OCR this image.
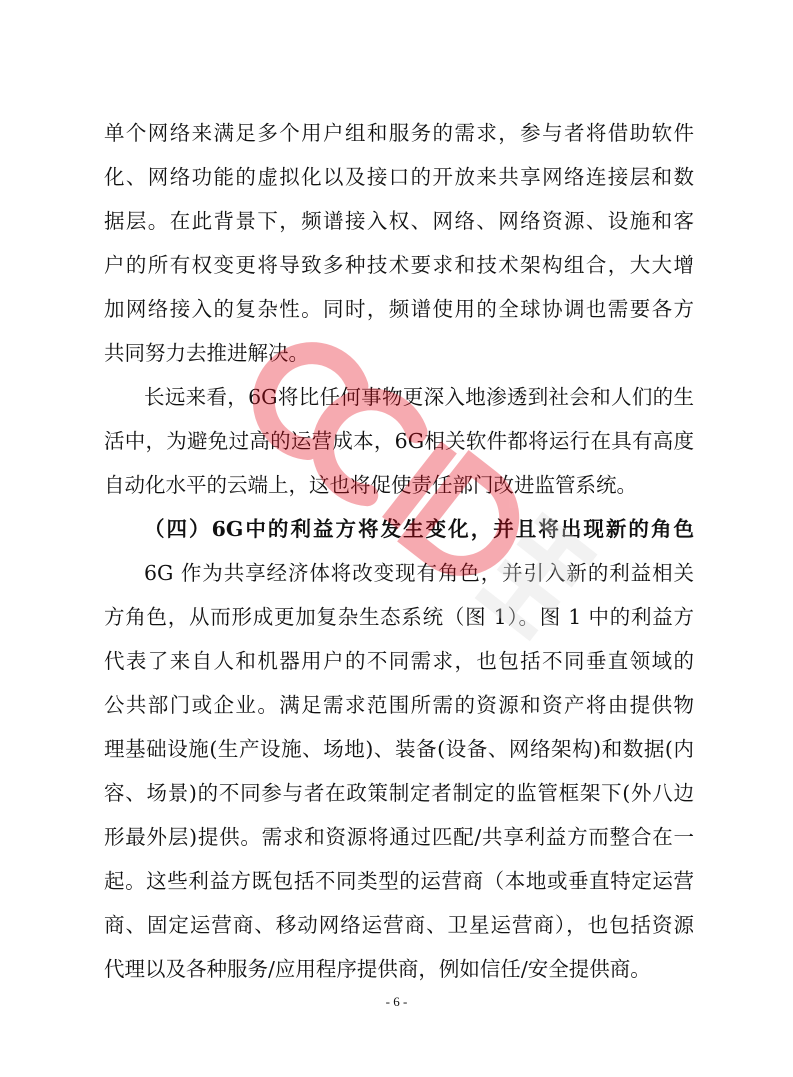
单个网络来满足多个用户组和服务的需求，参与者将借助软件
化、网络功能的虚拟化以及接口的开放来共享网络连接层和数
据层。在此背景下，频谱接入权、网络、网络资源、设施和客
户的所有权变更将导致多种技术要求和技术架构组合，大大增
加网络接入的复杂性。同时，频谱使用的全球协调也需要各方
共同努力去推进解决。
长远来看，6G将比任何事物更深入地渗透到社会和人们的生
活中，为避免过高的运营成本，6G相关软件都将运行在具有高度
自动化水平的云端上，这也将促使责任部门改进监管系统。
（四）6G中的利益方将发生变化，并且将出现新的角色
6G 作为共享经济体将改变现有角色，并引入新的利益相关
方角色，从而形成更加复杂生态系统（图 1）。图 1 中的利益方
代表了来自人和机器用户的不同需求，也包括不同垂直领域的
公共部门或企业。满足需求范围所需的资源和资产将由提供物
理基础设施(生产设施、场地)、装备(设备、网络架构)和数据(内
容、场景)的不同参与者在政策制定者制定的监管框架下(外八边
形最外层)提供。需求和资源将通过匹配/共享利益方而整合在一
起。这些利益方既包括不同类型的运营商（本地或垂直特定运营
商、固定运营商、移动网络运营商、卫星运营商），也包括资源
代理以及各种服务/应用程序提供商，例如信任/安全提供商。
- 6 -
